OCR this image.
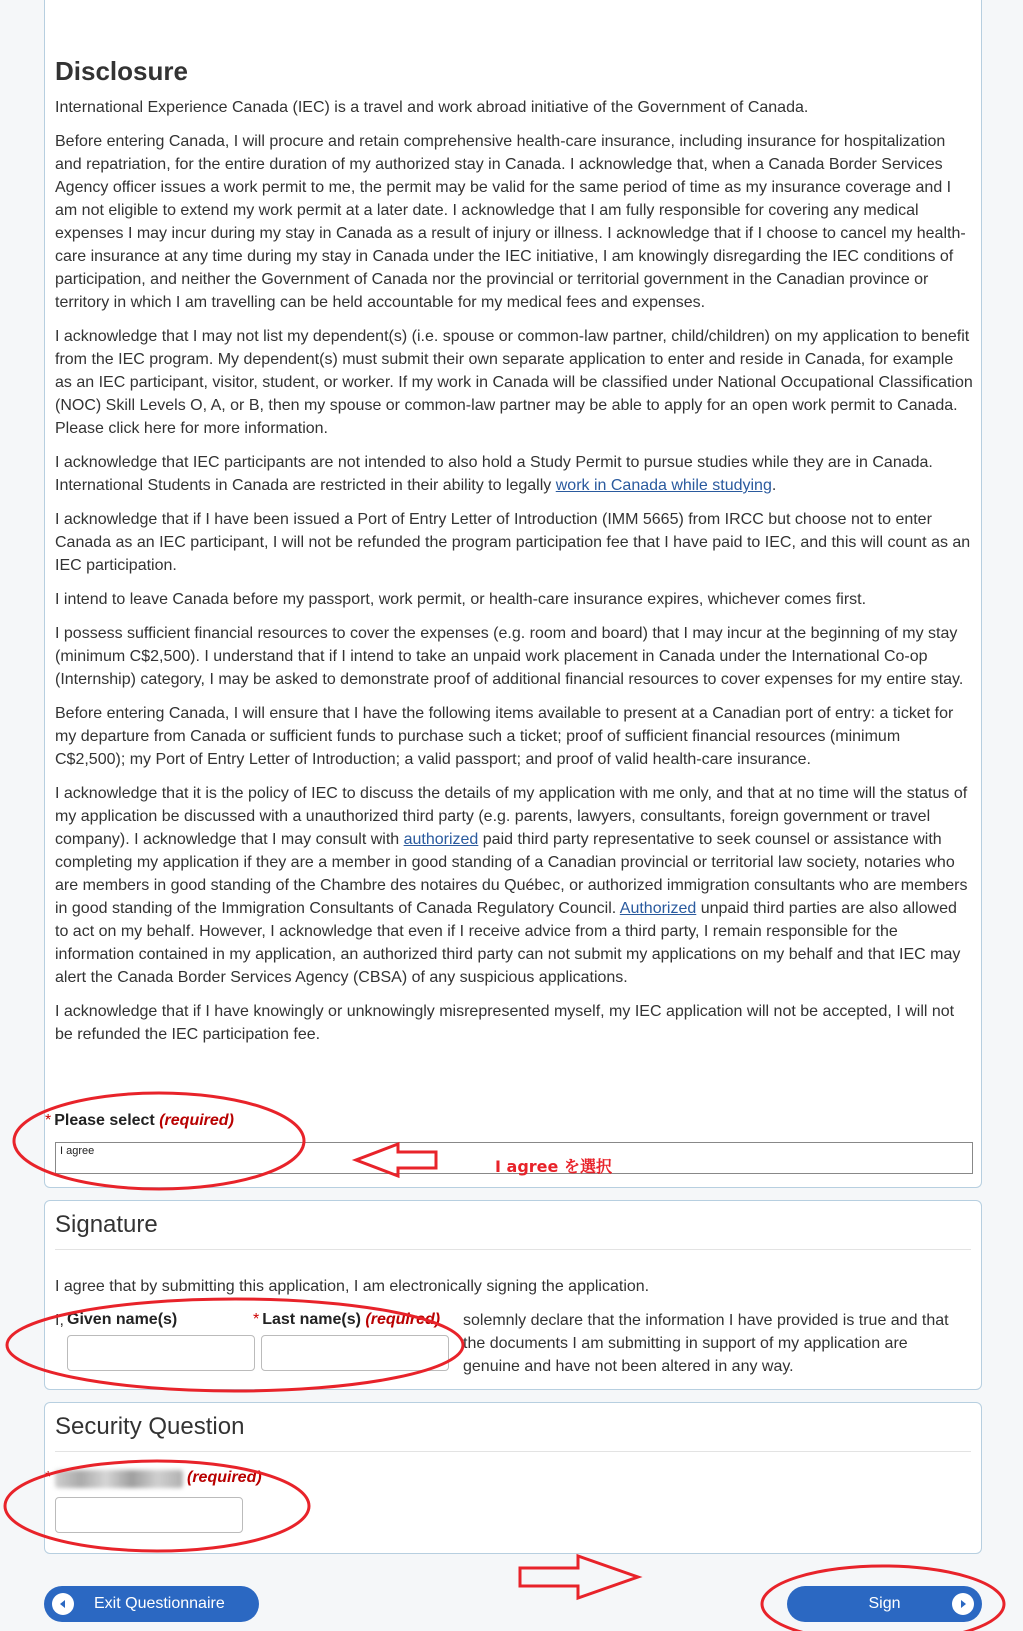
Disclosure

International Experience Canada (IEC) is a travel and work abroad initiative of the Government of Canada.

Before entering Canada, I will procure and retain comprehensive health-care insurance, including insurance for hospitalization and repatriation, for the entire duration of my authorized stay in Canada. I acknowledge that, when a Canada Border Services Agency officer issues a work permit to me, the permit may be valid for the same period of time as my insurance coverage and I am not eligible to extend my work permit at a later date. I acknowledge that I am fully responsible for covering any medical expenses I may incur during my stay in Canada as a result of injury or illness. I acknowledge that if I choose to cancel my health-care insurance at any time during my stay in Canada under the IEC initiative, I am knowingly disregarding the IEC conditions of participation, and neither the Government of Canada nor the provincial or territorial government in the Canadian province or territory in which I am travelling can be held accountable for my medical fees and expenses.

I acknowledge that I may not list my dependent(s) (i.e. spouse or common-law partner, child/children) on my application to benefit from the IEC program. My dependent(s) must submit their own separate application to enter and reside in Canada, for example as an IEC participant, visitor, student, or worker. If my work in Canada will be classified under National Occupational Classification (NOC) Skill Levels O, A, or B, then my spouse or common-law partner may be able to apply for an open work permit to Canada. Please click here for more information.

I acknowledge that IEC participants are not intended to also hold a Study Permit to pursue studies while they are in Canada. International Students in Canada are restricted in their ability to legally work in Canada while studying.

I acknowledge that if I have been issued a Port of Entry Letter of Introduction (IMM 5665) from IRCC but choose not to enter Canada as an IEC participant, I will not be refunded the program participation fee that I have paid to IEC, and this will count as an IEC participation.

I intend to leave Canada before my passport, work permit, or health-care insurance expires, whichever comes first.

I possess sufficient financial resources to cover the expenses (e.g. room and board) that I may incur at the beginning of my stay (minimum C$2,500). I understand that if I intend to take an unpaid work placement in Canada under the International Co-op (Internship) category, I may be asked to demonstrate proof of additional financial resources to cover expenses for my entire stay.

Before entering Canada, I will ensure that I have the following items available to present at a Canadian port of entry: a ticket for my departure from Canada or sufficient funds to purchase such a ticket; proof of sufficient financial resources (minimum C$2,500); my Port of Entry Letter of Introduction; a valid passport; and proof of valid health-care insurance.

I acknowledge that it is the policy of IEC to discuss the details of my application with me only, and that at no time will the status of my application be discussed with a unauthorized third party (e.g. parents, lawyers, consultants, foreign government or travel company). I acknowledge that I may consult with authorized paid third party representative to seek counsel or assistance with completing my application if they are a member in good standing of a Canadian provincial or territorial law society, notaries who are members in good standing of the Chambre des notaires du Québec, or authorized immigration consultants who are members in good standing of the Immigration Consultants of Canada Regulatory Council. Authorized unpaid third parties are also allowed to act on my behalf. However, I acknowledge that even if I receive advice from a third party, I remain responsible for the information contained in my application, an authorized third party can not submit my applications on my behalf and that IEC may alert the Canada Border Services Agency (CBSA) of any suspicious applications.

I acknowledge that if I have knowingly or unknowingly misrepresented myself, my IEC application will not be accepted, I will not be refunded the IEC participation fee.

* Please select (required)
I agree
Signature
I agree that by submitting this application, I am electronically signing the application.
I, Given name(s)	* Last name(s) (required) solemnly declare that the information I have provided is true and that the documents I am submitting in support of my application are genuine and have not been altered in any way.
Security Question
*	(required)
Exit Questionnaire	Sign
I agree を選択
